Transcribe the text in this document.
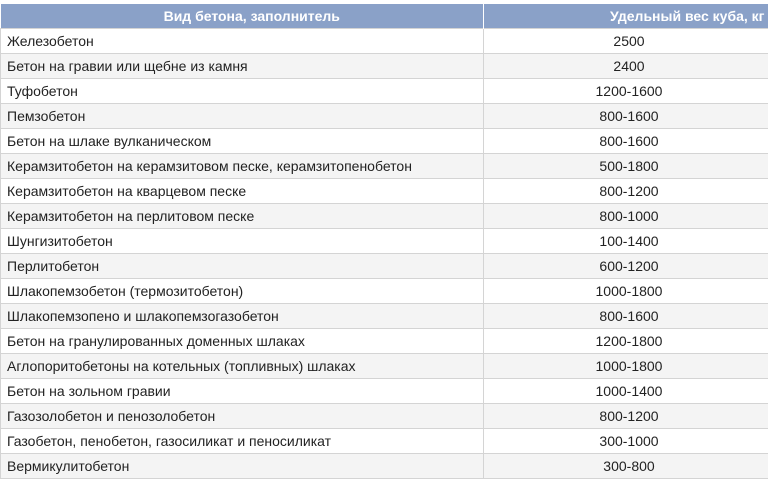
Вид бетона, заполнитель	Удельный вес куба, кг
Железобетон	2500
Бетон на гравии или щебне из камня	2400
Туфобетон	1200-1600
Пемзобетон	800-1600
Бетон на шлаке вулканическом	800-1600
Керамзитобетон на керамзитовом песке, керамзитопенобетон	500-1800
Керамзитобетон на кварцевом песке	800-1200
Керамзитобетон на перлитовом песке	800-1000
Шунгизитобетон	100-1400
Перлитобетон	600-1200
Шлакопемзобетон (термозитобетон)	1000-1800
Шлакопемзопено и шлакопемзогазобетон	800-1600
Бетон на гранулированных доменных шлаках	1200-1800
Аглопоритобетоны на котельных (топливных) шлаках	1000-1800
Бетон на зольном гравии	1000-1400
Газозолобетон и пенозолобетон	800-1200
Газобетон, пенобетон, газосиликат и пеносиликат	300-1000
Вермикулитобетон	300-800
